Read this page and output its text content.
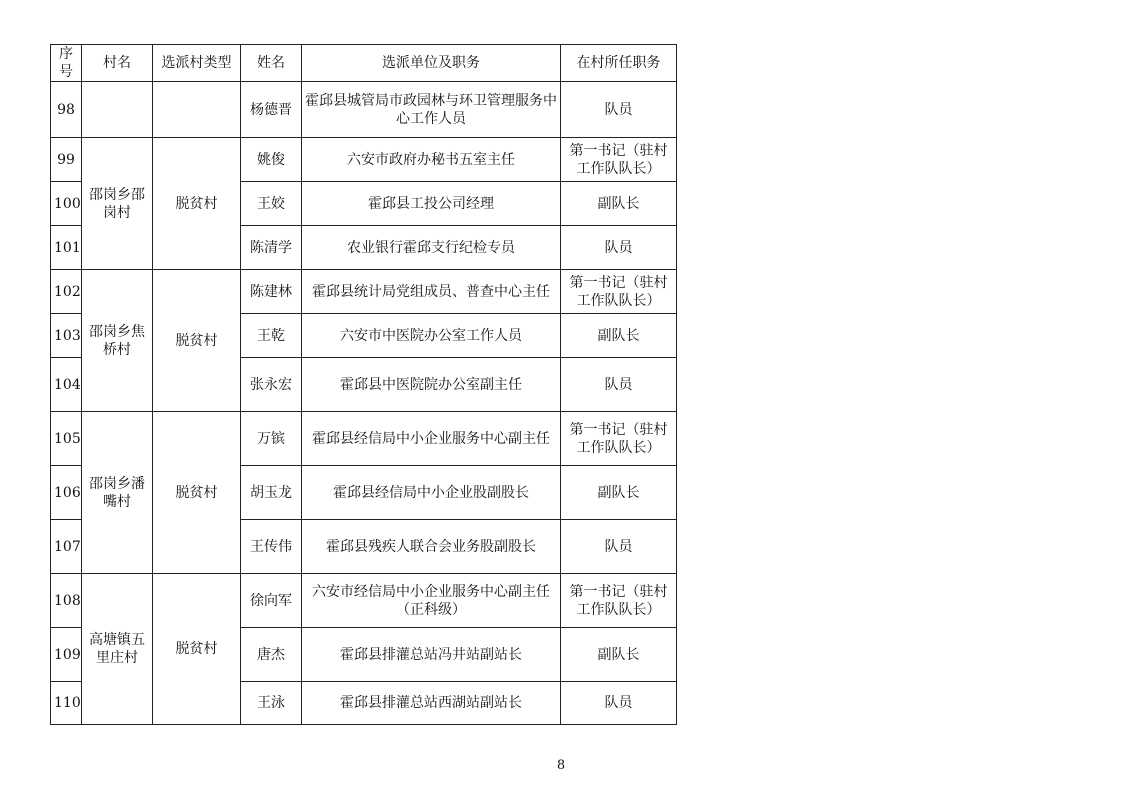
序号	村名	选派村类型	姓名	选派单位及职务	在村所任职务
98			杨德晋	霍邱县城管局市政园林与环卫管理服务中心工作人员	队员
99	邵岗乡邵岗村	脱贫村	姚俊	六安市政府办秘书五室主任	第一书记（驻村工作队队长）
100			王姣	霍邱县工投公司经理	副队长
101			陈清学	农业银行霍邱支行纪检专员	队员
102	邵岗乡焦桥村	脱贫村	陈建林	霍邱县统计局党组成员、普查中心主任	第一书记（驻村工作队队长）
103			王乾	六安市中医院办公室工作人员	副队长
104			张永宏	霍邱县中医院院办公室副主任	队员
105	邵岗乡潘嘴村	脱贫村	万镔	霍邱县经信局中小企业服务中心副主任	第一书记（驻村工作队队长）
106			胡玉龙	霍邱县经信局中小企业股副股长	副队长
107			王传伟	霍邱县残疾人联合会业务股副股长	队员
108	高塘镇五里庄村	脱贫村	徐向军	六安市经信局中小企业服务中心副主任（正科级）	第一书记（驻村工作队队长）
109			唐杰	霍邱县排灌总站冯井站副站长	副队长
110			王泳	霍邱县排灌总站西湖站副站长	队员
8
